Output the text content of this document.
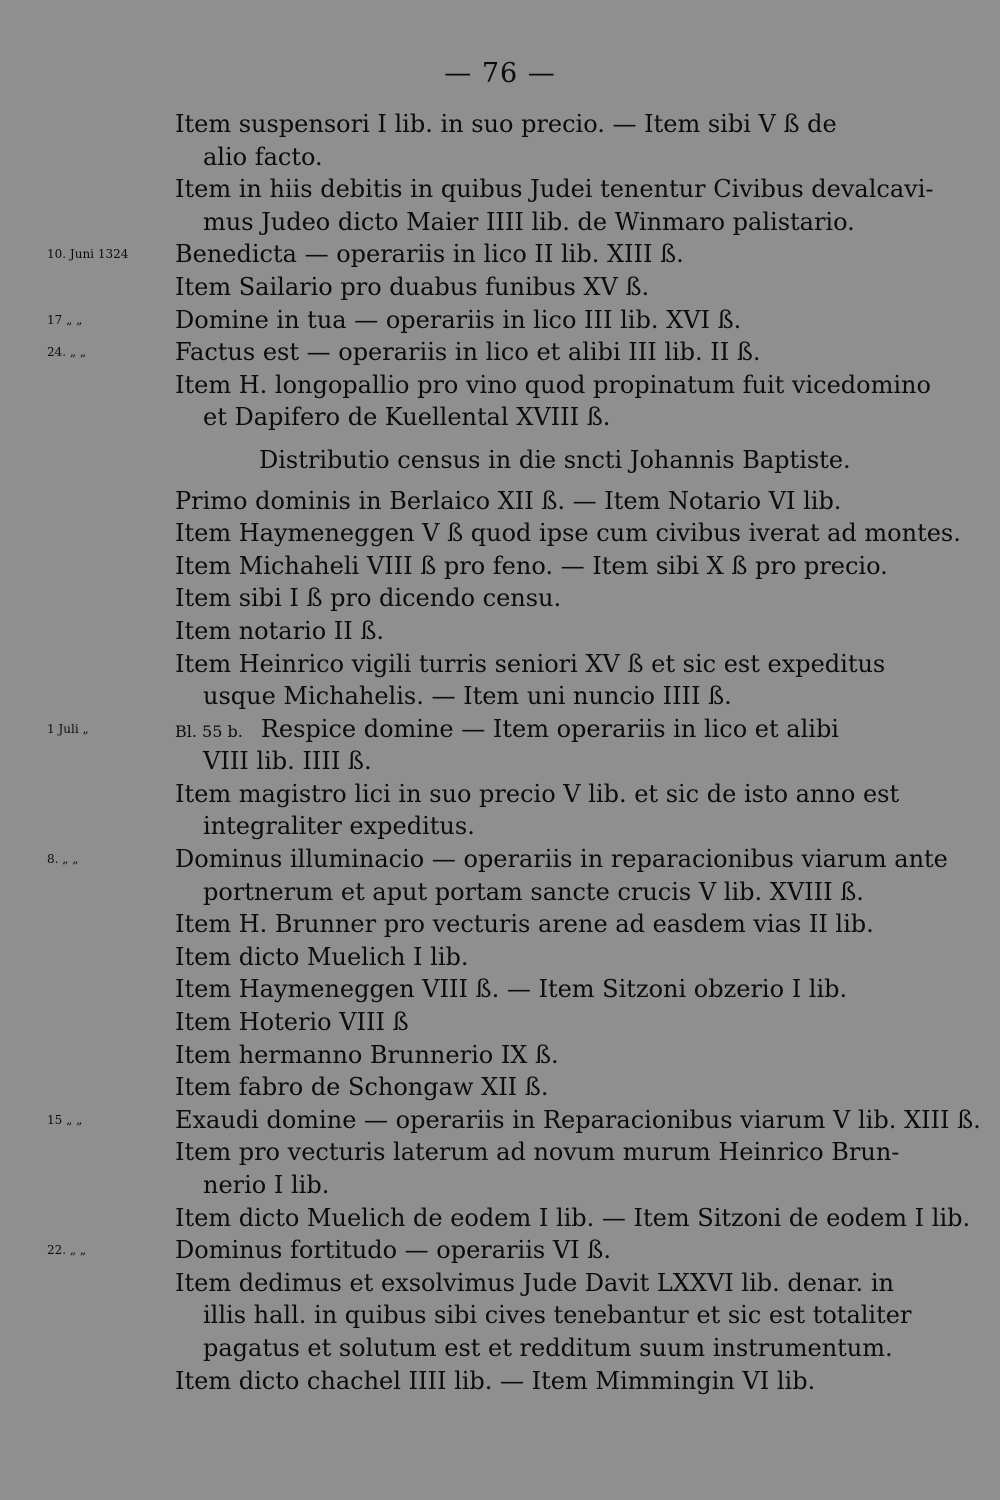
— 76 —
Item suspensori I lib. in suo precio. — Item sibi V ß de
alio facto.
Item in hiis debitis in quibus Judei tenentur Civibus devalcavi-
mus Judeo dicto Maier IIII lib. de Winmaro palistario.
10. Juni 1324	Benedicta — operariis in lico II lib. XIII ß.
Item Sailario pro duabus funibus XV ß.
17 „ „	Domine in tua — operariis in lico III lib. XVI ß.
24. „ „	Factus est — operariis in lico et alibi III lib. II ß.
Item H. longopallio pro vino quod propinatum fuit vicedomino
et Dapifero de Kuellental XVIII ß.
Distributio census in die sncti Johannis Baptiste.
Primo dominis in Berlaico XII ß. — Item Notario VI lib.
Item Haymeneggen V ß quod ipse cum civibus iverat ad montes.
Item Michaheli VIII ß pro feno. — Item sibi X ß pro precio.
Item sibi I ß pro dicendo censu.
Item notario II ß.
Item Heinrico vigili turris seniori XV ß et sic est expeditus
usque Michahelis. — Item uni nuncio IIII ß.
1 Juli „	Bl. 55 b. Respice domine — Item operariis in lico et alibi
VIII lib. IIII ß.
Item magistro lici in suo precio V lib. et sic de isto anno est
integraliter expeditus.
8. „ „	Dominus illuminacio — operariis in reparacionibus viarum ante
portnerum et aput portam sancte crucis V lib. XVIII ß.
Item H. Brunner pro vecturis arene ad easdem vias II lib.
Item dicto Muelich I lib.
Item Haymeneggen VIII ß. — Item Sitzoni obzerio I lib.
Item Hoterio VIII ß
Item hermanno Brunnerio IX ß.
Item fabro de Schongaw XII ß.
15 „ „	Exaudi domine — operariis in Reparacionibus viarum V lib. XIII ß.
Item pro vecturis laterum ad novum murum Heinrico Brun-
nerio I lib.
Item dicto Muelich de eodem I lib. — Item Sitzoni de eodem I lib.
22. „ „	Dominus fortitudo — operariis VI ß.
Item dedimus et exsolvimus Jude Davit LXXVI lib. denar. in
illis hall. in quibus sibi cives tenebantur et sic est totaliter
pagatus et solutum est et redditum suum instrumentum.
Item dicto chachel IIII lib. — Item Mimmingin VI lib.
